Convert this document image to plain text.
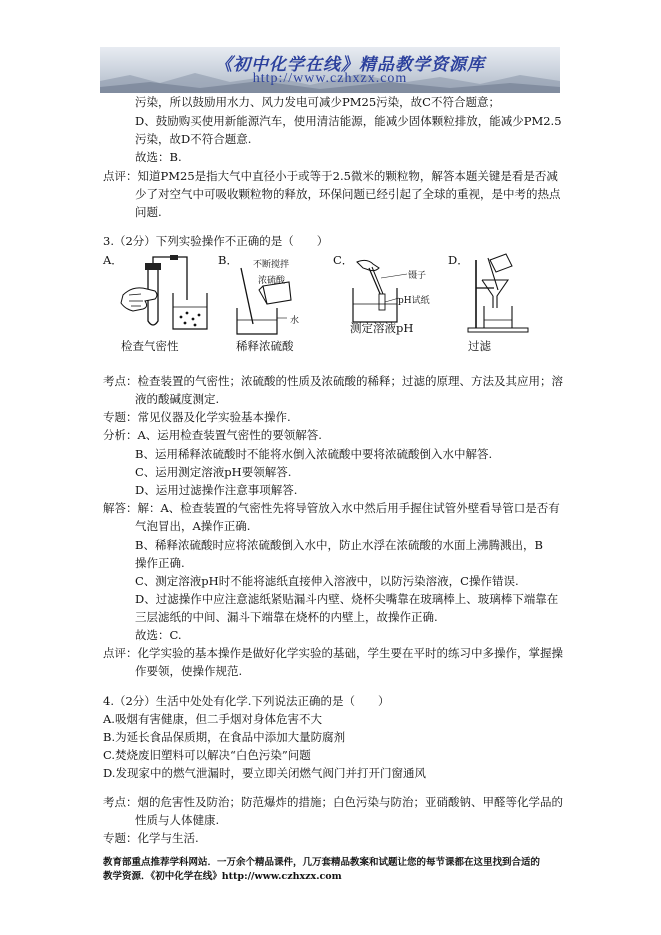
《初中化学在线》精品教学资源库
http://www.czhxzx.com
污染，所以鼓励用水力、风力发电可减少PM25污染，故C不符合题意；
D、鼓励购买使用新能源汽车，使用清洁能源，能减少固体颗粒排放，能减少PM2.5
污染，故D不符合题意.
故选：B.
点评：知道PM25是指大气中直径小于或等于2.5微米的颗粒物，解答本题关键是看是否减
少了对空气中可吸收颗粒物的释放，环保问题已经引起了全球的重视，是中考的热点
问题.
3.（2分）下列实验操作不正确的是（　　）
A．	B．	C．	D．
检查气密性
不断搅拌
浓硫酸
水
稀释浓硫酸
镊子
pH试纸
测定溶液pH
过滤
考点：检查装置的气密性；浓硫酸的性质及浓硫酸的稀释；过滤的原理、方法及其应用；溶
液的酸碱度测定.
专题：常见仪器及化学实验基本操作.
分析：A、运用检查装置气密性的要领解答.
B、运用稀释浓硫酸时不能将水倒入浓硫酸中要将浓硫酸倒入水中解答.
C、运用测定溶液pH要领解答.
D、运用过滤操作注意事项解答.
解答：解：A、检查装置的气密性先将导管放入水中然后用手握住试管外壁看导管口是否有
气泡冒出，A操作正确.
B、稀释浓硫酸时应将浓硫酸倒入水中，防止水浮在浓硫酸的水面上沸腾溅出，B
操作正确.
C、测定溶液pH时不能将滤纸直接伸入溶液中，以防污染溶液，C操作错误.
D、过滤操作中应注意滤纸紧贴漏斗内壁、烧杯尖嘴靠在玻璃棒上、玻璃棒下端靠在
三层滤纸的中间、漏斗下端靠在烧杯的内壁上，故操作正确.
故选：C.
点评：化学实验的基本操作是做好化学实验的基础，学生要在平时的练习中多操作，掌握操
作要领，使操作规范.
4.（2分）生活中处处有化学.下列说法正确的是（　　）
A.吸烟有害健康，但二手烟对身体危害不大
B.为延长食品保质期，在食品中添加大量防腐剂
C.焚烧废旧塑料可以解决“白色污染”问题
D.发现家中的燃气泄漏时，要立即关闭燃气阀门并打开门窗通风
考点：烟的危害性及防治；防范爆炸的措施；白色污染与防治；亚硝酸钠、甲醛等化学品的
性质与人体健康.
专题：化学与生活.
教育部重点推荐学科网站．一万余个精品课件，几万套精品教案和试题让您的每节课都在这里找到合适的
教学资源．《初中化学在线》http://www.czhxzx.com
